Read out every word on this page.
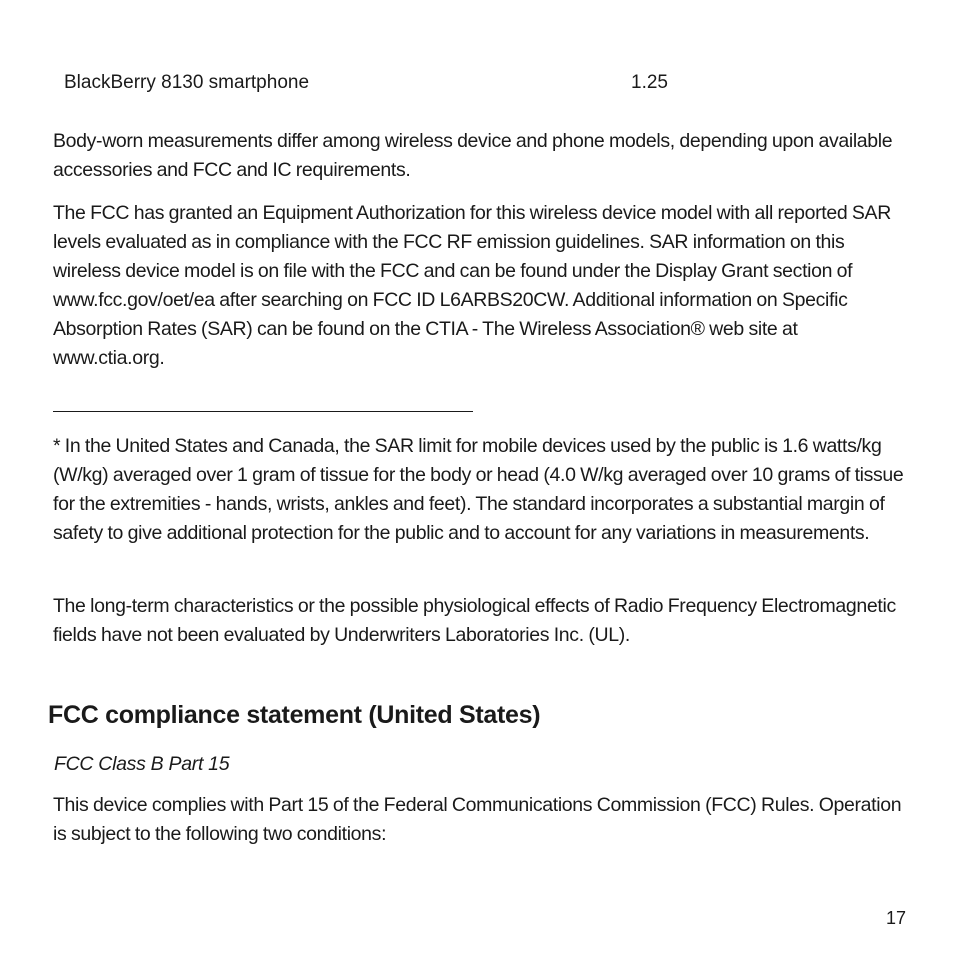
BlackBerry 8130 smartphone	1.25

Body-worn measurements differ among wireless device and phone models, depending upon available accessories and FCC and IC requirements.

The FCC has granted an Equipment Authorization for this wireless device model with all reported SAR levels evaluated as in compliance with the FCC RF emission guidelines. SAR information on this wireless device model is on file with the FCC and can be found under the Display Grant section of www.fcc.gov/oet/ea after searching on FCC ID L6ARBS20CW. Additional information on Specific Absorption Rates (SAR) can be found on the CTIA - The Wireless Association® web site at www.ctia.org.

* In the United States and Canada, the SAR limit for mobile devices used by the public is 1.6 watts/kg (W/kg) averaged over 1 gram of tissue for the body or head (4.0 W/kg averaged over 10 grams of tissue for the extremities - hands, wrists, ankles and feet). The standard incorporates a substantial margin of safety to give additional protection for the public and to account for any variations in measurements.

The long-term characteristics or the possible physiological effects of Radio Frequency Electromagnetic fields have not been evaluated by Underwriters Laboratories Inc. (UL).

FCC compliance statement (United States)

FCC Class B Part 15

This device complies with Part 15 of the Federal Communications Commission (FCC) Rules. Operation is subject to the following two conditions:

17
